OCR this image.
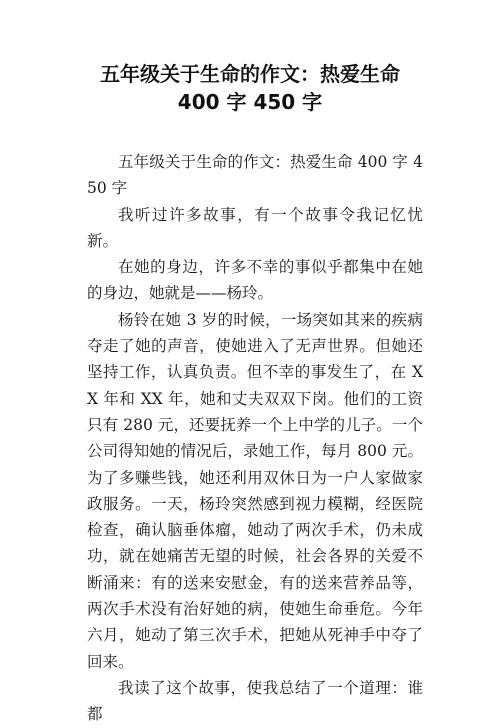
五年级关于生命的作文：热爱生命
400 字 450 字

五年级关于生命的作文：热爱生命 400 字 450 字

我听过许多故事，有一个故事令我记忆忧新。

在她的身边，许多不幸的事似乎都集中在她的身边，她就是——杨玲。

杨铃在她 3 岁的时候，一场突如其来的疾病夺走了她的声音，使她进入了无声世界。但她还坚持工作，认真负责。但不幸的事发生了，在 XX 年和 XX 年，她和丈夫双双下岗。他们的工资只有 280 元，还要抚养一个上中学的儿子。一个公司得知她的情况后，录她工作，每月 800 元。为了多赚些钱，她还利用双休日为一户人家做家政服务。一天，杨玲突然感到视力模糊，经医院检查，确认脑垂体瘤，她动了两次手术，仍未成功，就在她痛苦无望的时候，社会各界的关爱不断涌来：有的送来安慰金，有的送来营养品等，两次手术没有治好她的病，使她生命垂危。今年六月，她动了第三次手术，把她从死神手中夺了回来。

我读了这个故事，使我总结了一个道理：谁都
